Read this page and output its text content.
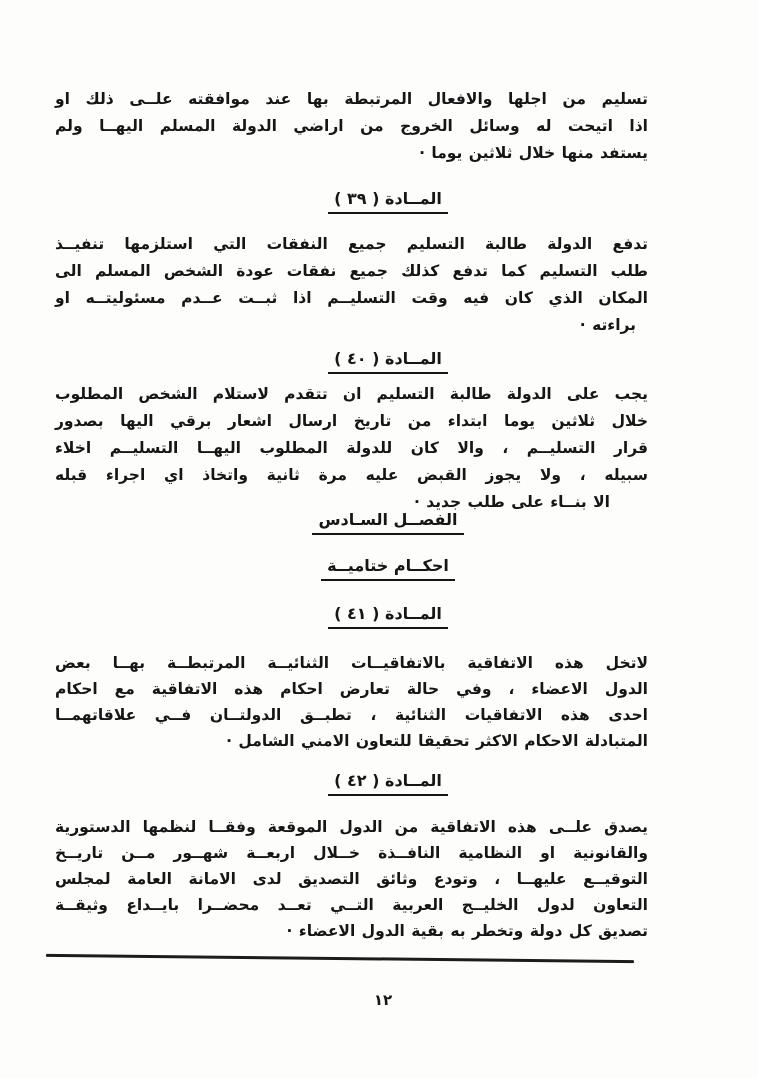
تسليم من اجلها والافعال المرتبطة بها عند موافقته علــى ذلك او
اذا اتيحت له وسائل الخروج من اراضي الدولة المسلم اليهــا ولم
يستفد منها خلال ثلاثين يوما ·
المــادة ( ٣٩ )
تدفع الدولة طالبة التسليم جميع النفقات التي استلزمها تنفيــذ
طلب التسليم كما تدفع كذلك جميع نفقات عودة الشخص المسلم الى
المكان الذي كان فيه وقت التسليــم اذا ثبــت عــدم مسئوليتــه او
براءته ·
المــادة ( ٤٠ )
يجب على الدولة طالبة التسليم ان تتقدم لاستلام الشخص المطلوب
خلال ثلاثين يوما ابتداء من تاريخ ارسال اشعار برقي اليها بصدور
قرار التسليــم ، والا كان للدولة المطلوب اليهــا التسليــم اخلاء
سبيله ، ولا يجوز القبض عليه مرة ثانية واتخاذ اي اجراء قبله
الا بنــاء على طلب جديد ·
الفصــل السـادس
احكــام ختاميــة
المــادة ( ٤١ )
لاتخل هذه الاتفاقية بالاتفاقيــات الثنائيــة المرتبطــة بهــا بعض
الدول الاعضاء ، وفي حالة تعارض احكام هذه الاتفاقية مع احكام
احدى هذه الاتفاقيات الثنائية ، تطبــق الدولتــان فــي علاقاتهمــا
المتبادلة الاحكام الاكثر تحقيقا للتعاون الامني الشامل ·
المــادة ( ٤٢ )
يصدق علــى هذه الاتفاقية من الدول الموقعة وفقــا لنظمها الدستورية
والقانونية او النظامية النافــذة خــلال اربعــة شهــور مــن تاريــخ
التوقيــع عليهــا ، وتودع وثائق التصديق لدى الامانة العامة لمجلس
التعاون لدول الخليــج العربية التــي تعــد محضــرا بايــداع وثيقــة
تصديق كل دولة وتخطر به بقية الدول الاعضاء ·
١٢
